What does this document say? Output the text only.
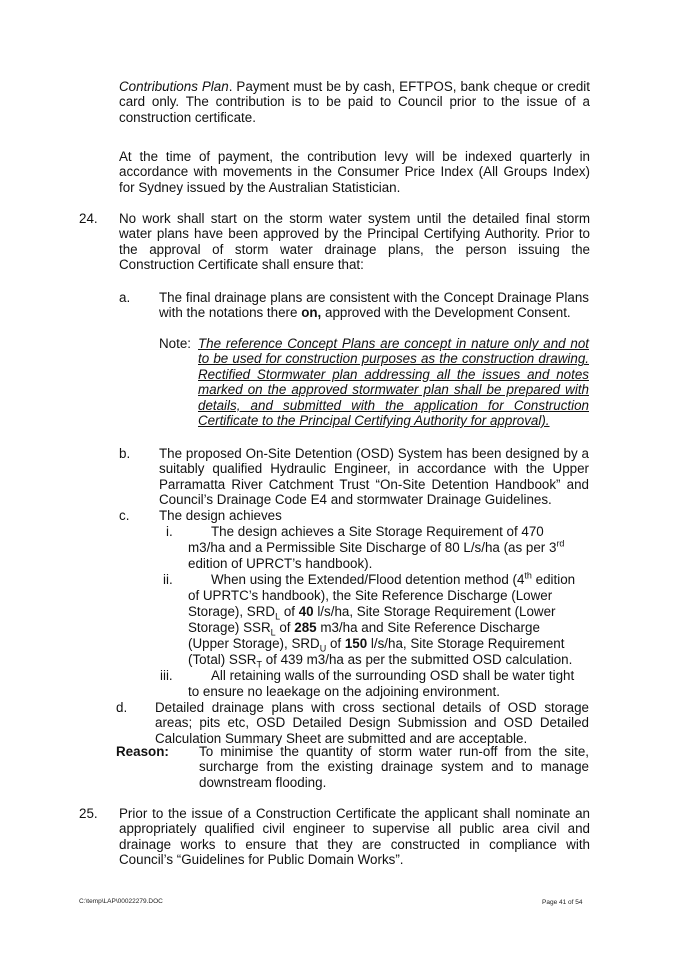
Contributions Plan. Payment must be by cash, EFTPOS, bank cheque or credit card only. The contribution is to be paid to Council prior to the issue of a construction certificate.
At the time of payment, the contribution levy will be indexed quarterly in accordance with movements in the Consumer Price Index (All Groups Index) for Sydney issued by the Australian Statistician.
24. No work shall start on the storm water system until the detailed final storm water plans have been approved by the Principal Certifying Authority. Prior to the approval of storm water drainage plans, the person issuing the Construction Certificate shall ensure that:
a. The final drainage plans are consistent with the Concept Drainage Plans with the notations there on, approved with the Development Consent.
Note: The reference Concept Plans are concept in nature only and not to be used for construction purposes as the construction drawing. Rectified Stormwater plan addressing all the issues and notes marked on the approved stormwater plan shall be prepared with details, and submitted with the application for Construction Certificate to the Principal Certifying Authority for approval).
b. The proposed On-Site Detention (OSD) System has been designed by a suitably qualified Hydraulic Engineer, in accordance with the Upper Parramatta River Catchment Trust “On-Site Detention Handbook” and Council’s Drainage Code E4 and stormwater Drainage Guidelines.
c. The design achieves
i.	The design achieves a Site Storage Requirement of 470
m3/ha and a Permissible Site Discharge of 80 L/s/ha (as per 3rd
edition of UPRCT’s handbook).
ii.	When using the Extended/Flood detention method (4th edition
of UPRTC’s handbook), the Site Reference Discharge (Lower
Storage), $SRD_L$ of 40 l/s/ha, Site Storage Requirement (Lower
Storage) $SSR_L$ of 285 m3/ha and Site Reference Discharge
(Upper Storage), $SRD_U$ of 150 l/s/ha, Site Storage Requirement
(Total) $SSR_T$ of 439 m3/ha as per the submitted OSD calculation.
iii.	All retaining walls of the surrounding OSD shall be water tight
to ensure no leaekage on the adjoining environment.
d. Detailed drainage plans with cross sectional details of OSD storage areas; pits etc, OSD Detailed Design Submission and OSD Detailed Calculation Summary Sheet are submitted and are acceptable.
Reason: To minimise the quantity of storm water run-off from the site, surcharge from the existing drainage system and to manage downstream flooding.
25. Prior to the issue of a Construction Certificate the applicant shall nominate an appropriately qualified civil engineer to supervise all public area civil and drainage works to ensure that they are constructed in compliance with Council’s “Guidelines for Public Domain Works”.
C:\temp\LAP\00022279.DOC	Page 41 of 54
